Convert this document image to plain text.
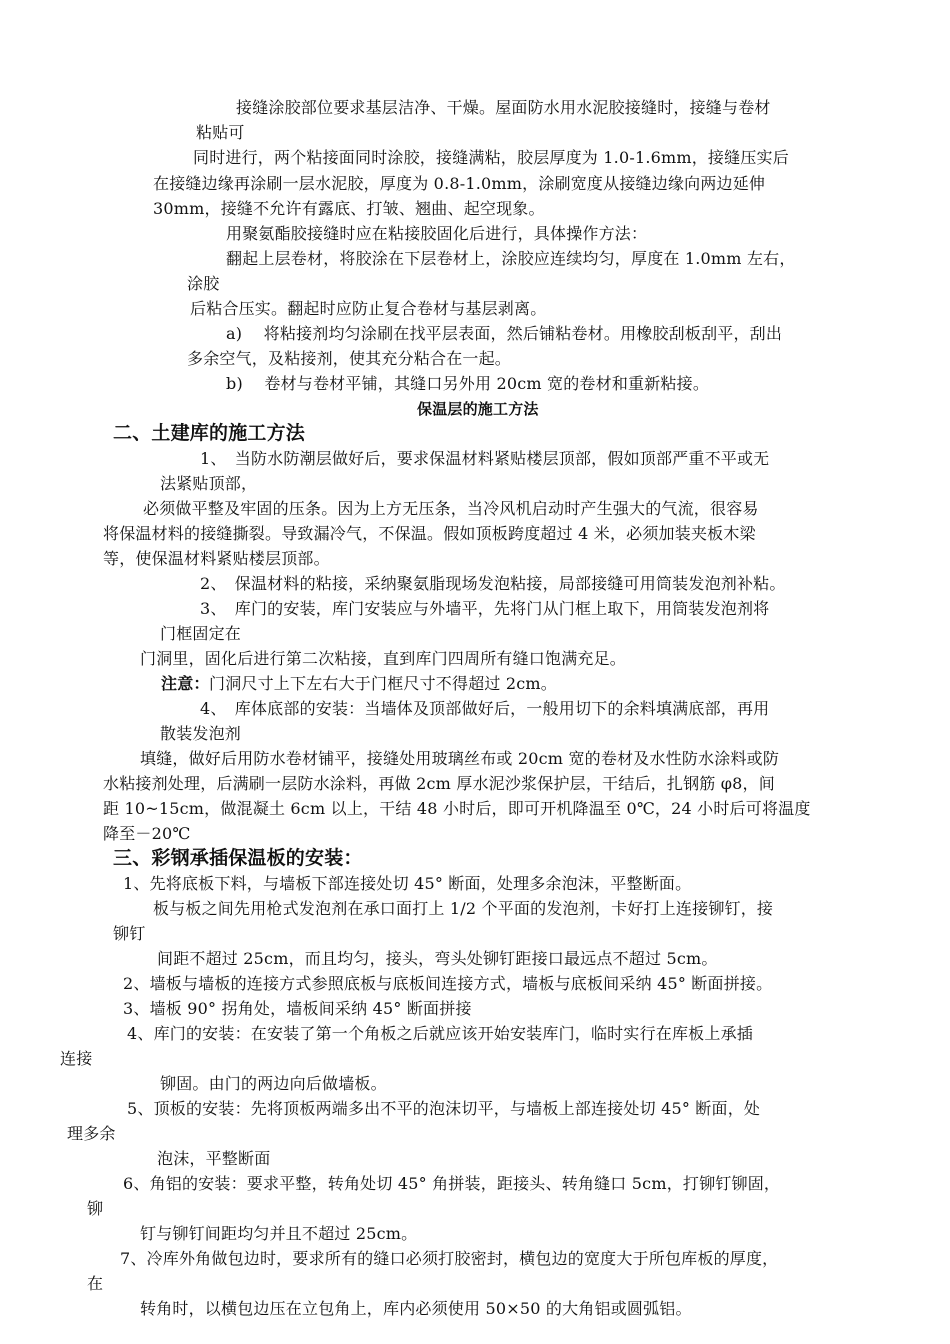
接缝涂胶部位要求基层洁净、干燥。屋面防水用水泥胶接缝时，接缝与卷材
粘贴可
同时进行，两个粘接面同时涂胶，接缝满粘，胶层厚度为 1.0-1.6mm，接缝压实后
在接缝边缘再涂刷一层水泥胶，厚度为 0.8-1.0mm，涂刷宽度从接缝边缘向两边延伸
30mm，接缝不允许有露底、打皱、翘曲、起空现象。
用聚氨酯胶接缝时应在粘接胶固化后进行，具体操作方法：
翻起上层卷材，将胶涂在下层卷材上，涂胶应连续均匀，厚度在 1.0mm 左右，
涂胶
后粘合压实。翻起时应防止复合卷材与基层剥离。
a)　 将粘接剂均匀涂刷在找平层表面，然后铺粘卷材。用橡胶刮板刮平，刮出
多余空气，及粘接剂，使其充分粘合在一起。
b)　 卷材与卷材平铺，其缝口另外用 20cm 宽的卷材和重新粘接。
保温层的施工方法
二、土建库的施工方法
1、　当防水防潮层做好后，要求保温材料紧贴楼层顶部，假如顶部严重不平或无
法紧贴顶部，
必须做平整及牢固的压条。因为上方无压条，当冷风机启动时产生强大的气流，很容易
将保温材料的接缝撕裂。导致漏冷气，不保温。假如顶板跨度超过 4 米，必须加装夹板木梁
等，使保温材料紧贴楼层顶部。
2、　保温材料的粘接，采纳聚氨脂现场发泡粘接，局部接缝可用筒装发泡剂补粘。
3、　库门的安装，库门安装应与外墙平，先将门从门框上取下，用筒装发泡剂将
门框固定在
门洞里，固化后进行第二次粘接，直到库门四周所有缝口饱满充足。
注意： 门洞尺寸上下左右大于门框尺寸不得超过 2cm。
4、　库体底部的安装：当墙体及顶部做好后，一般用切下的余料填满底部，再用
散装发泡剂
填缝，做好后用防水卷材铺平，接缝处用玻璃丝布或 20cm 宽的卷材及水性防水涂料或防
水粘接剂处理，后满刷一层防水涂料，再做 2cm 厚水泥沙浆保护层，干结后，扎钢筋 φ8，间
距 10~15cm，做混凝土 6cm 以上，干结 48 小时后，即可开机降温至 0℃，24 小时后可将温度
降至－20℃
三、彩钢承插保温板的安装：
1、先将底板下料，与墙板下部连接处切 45° 断面，处理多余泡沫，平整断面。
板与板之间先用枪式发泡剂在承口面打上 1/2 个平面的发泡剂，卡好打上连接铆钉，接
铆钉
间距不超过 25cm，而且均匀，接头，弯头处铆钉距接口最远点不超过 5cm。
2、墙板与墙板的连接方式参照底板与底板间连接方式，墙板与底板间采纳 45° 断面拼接。
3、墙板 90° 拐角处，墙板间采纳 45° 断面拼接
4、库门的安装：在安装了第一个角板之后就应该开始安装库门，临时实行在库板上承插
连接
铆固。由门的两边向后做墙板。
5、顶板的安装：先将顶板两端多出不平的泡沫切平，与墙板上部连接处切 45° 断面，处
理多余
泡沫，平整断面
6、角铝的安装：要求平整，转角处切 45° 角拼装，距接头、转角缝口 5cm，打铆钉铆固，
铆
钉与铆钉间距均匀并且不超过 25cm。
7、冷库外角做包边时，要求所有的缝口必须打胶密封，横包边的宽度大于所包库板的厚度，
在
转角时，以横包边压在立包角上，库内必须使用 50×50 的大角铝或圆弧铝。
